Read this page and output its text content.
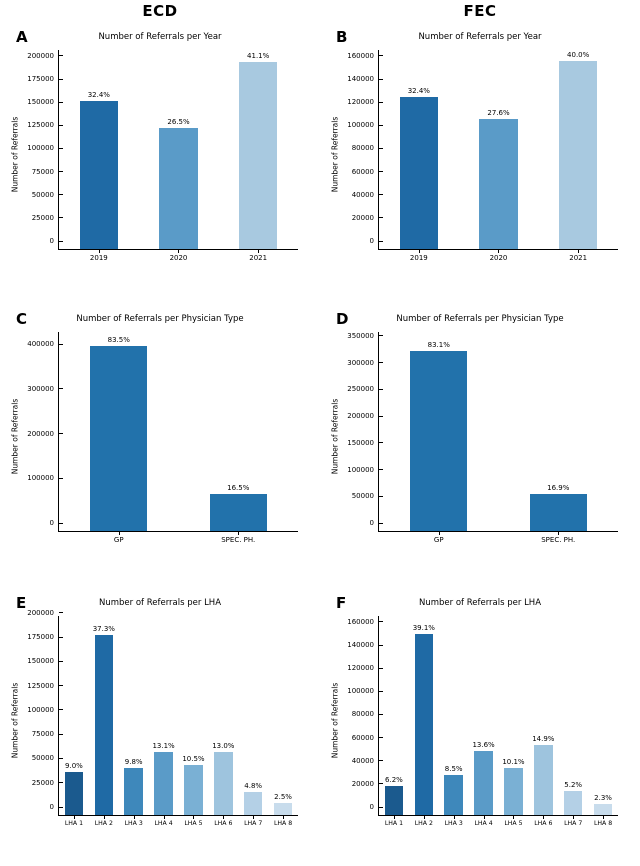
ECD	FEC
A	Number of Referrals per Year
Number of Referrals
0
25000
50000
75000
100000
125000
150000
175000
200000
32.4%
2019
26.5%
2020
41.1%
2021
B	Number of Referrals per Year
Number of Referrals
0
20000
40000
60000
80000
100000
120000
140000
160000
32.4%
2019
27.6%
2020
40.0%
2021
C	Number of Referrals per Physician Type
Number of Referrals
0
100000
200000
300000
400000
83.5%
GP
16.5%
SPEC. PH.
D	Number of Referrals per Physician Type
Number of Referrals
0
50000
100000
150000
200000
250000
300000
350000
83.1%
GP
16.9%
SPEC. PH.
E	Number of Referrals per LHA
Number of Referrals
0
25000
50000
75000
100000
125000
150000
175000
200000
9.0%
LHA 1
37.3%
LHA 2
9.8%
LHA 3
13.1%
LHA 4
10.5%
LHA 5
13.0%
LHA 6
4.8%
LHA 7
2.5%
LHA 8
F	Number of Referrals per LHA
Number of Referrals
0
20000
40000
60000
80000
100000
120000
140000
160000
6.2%
LHA 1
39.1%
LHA 2
8.5%
LHA 3
13.6%
LHA 4
10.1%
LHA 5
14.9%
LHA 6
5.2%
LHA 7
2.3%
LHA 8
